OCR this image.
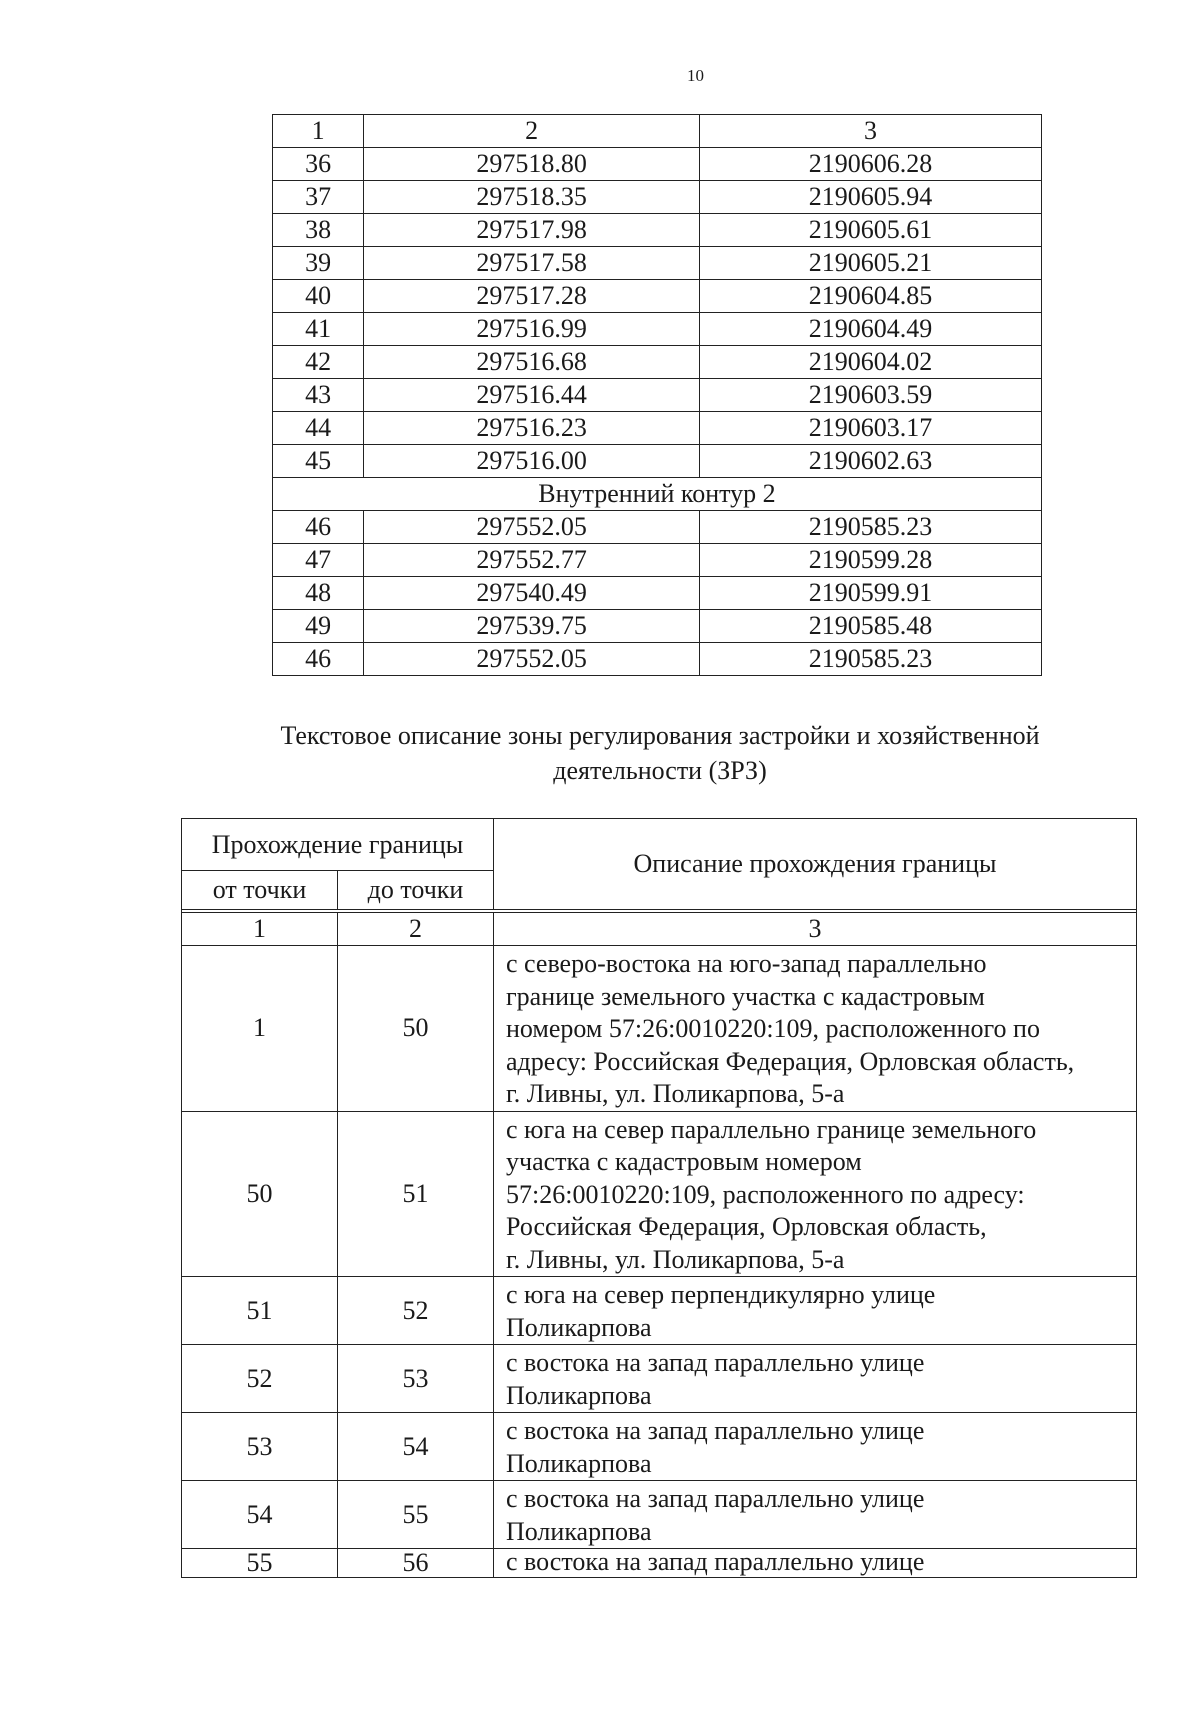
10
1	2	3
36	297518.80	2190606.28
37	297518.35	2190605.94
38	297517.98	2190605.61
39	297517.58	2190605.21
40	297517.28	2190604.85
41	297516.99	2190604.49
42	297516.68	2190604.02
43	297516.44	2190603.59
44	297516.23	2190603.17
45	297516.00	2190602.63
Внутренний контур 2		
46	297552.05	2190585.23
47	297552.77	2190599.28
48	297540.49	2190599.91
49	297539.75	2190585.48
46	297552.05	2190585.23
Текстовое описание зоны регулирования застройки и хозяйственной
деятельности (ЗРЗ)
Прохождение границы		Описание прохождения границы
от точки	до точки	

1	2	3
1	50	с северо-востока на юго-запад параллельно
границе земельного участка с кадастровым
номером 57:26:0010220:109, расположенного по
адресу: Российская Федерация, Орловская область,
г. Ливны, ул. Поликарпова, 5-а

50	51	с юга на север параллельно границе земельного
участка с кадастровым номером
57:26:0010220:109, расположенного по адресу:
Российская Федерация, Орловская область,
г. Ливны, ул. Поликарпова, 5-а

51	52	с юга на север перпендикулярно улице
Поликарпова

52	53	с востока на запад параллельно улице
Поликарпова

53	54	с востока на запад параллельно улице
Поликарпова

54	55	с востока на запад параллельно улице
Поликарпова

55	56	с востока на запад параллельно улице
